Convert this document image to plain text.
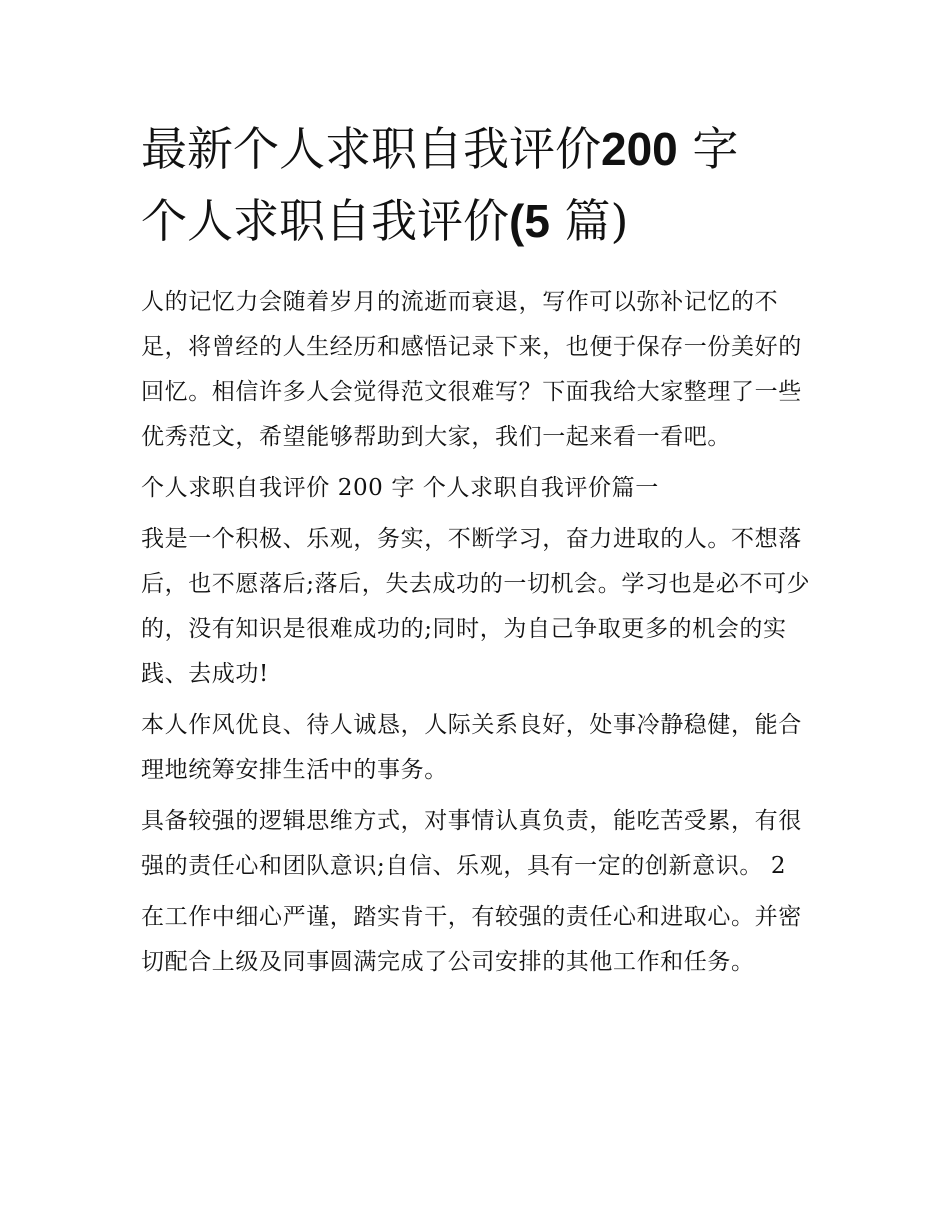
最新个人求职自我评价200 字
个人求职自我评价(5 篇)

人的记忆力会随着岁月的流逝而衰退，写作可以弥补记忆的不足，将曾经的人生经历和感悟记录下来，也便于保存一份美好的回忆。相信许多人会觉得范文很难写？下面我给大家整理了一些优秀范文，希望能够帮助到大家，我们一起来看一看吧。

个人求职自我评价 200 字 个人求职自我评价篇一

我是一个积极、乐观，务实，不断学习，奋力进取的人。不想落后，也不愿落后;落后，失去成功的一切机会。学习也是必不可少的，没有知识是很难成功的;同时，为自己争取更多的机会的实践、去成功!

本人作风优良、待人诚恳，人际关系良好，处事冷静稳健，能合理地统筹安排生活中的事务。

具备较强的逻辑思维方式，对事情认真负责，能吃苦受累，有很强的责任心和团队意识;自信、乐观，具有一定的创新意识。 2

在工作中细心严谨，踏实肯干，有较强的责任心和进取心。并密切配合上级及同事圆满完成了公司安排的其他工作和任务。
